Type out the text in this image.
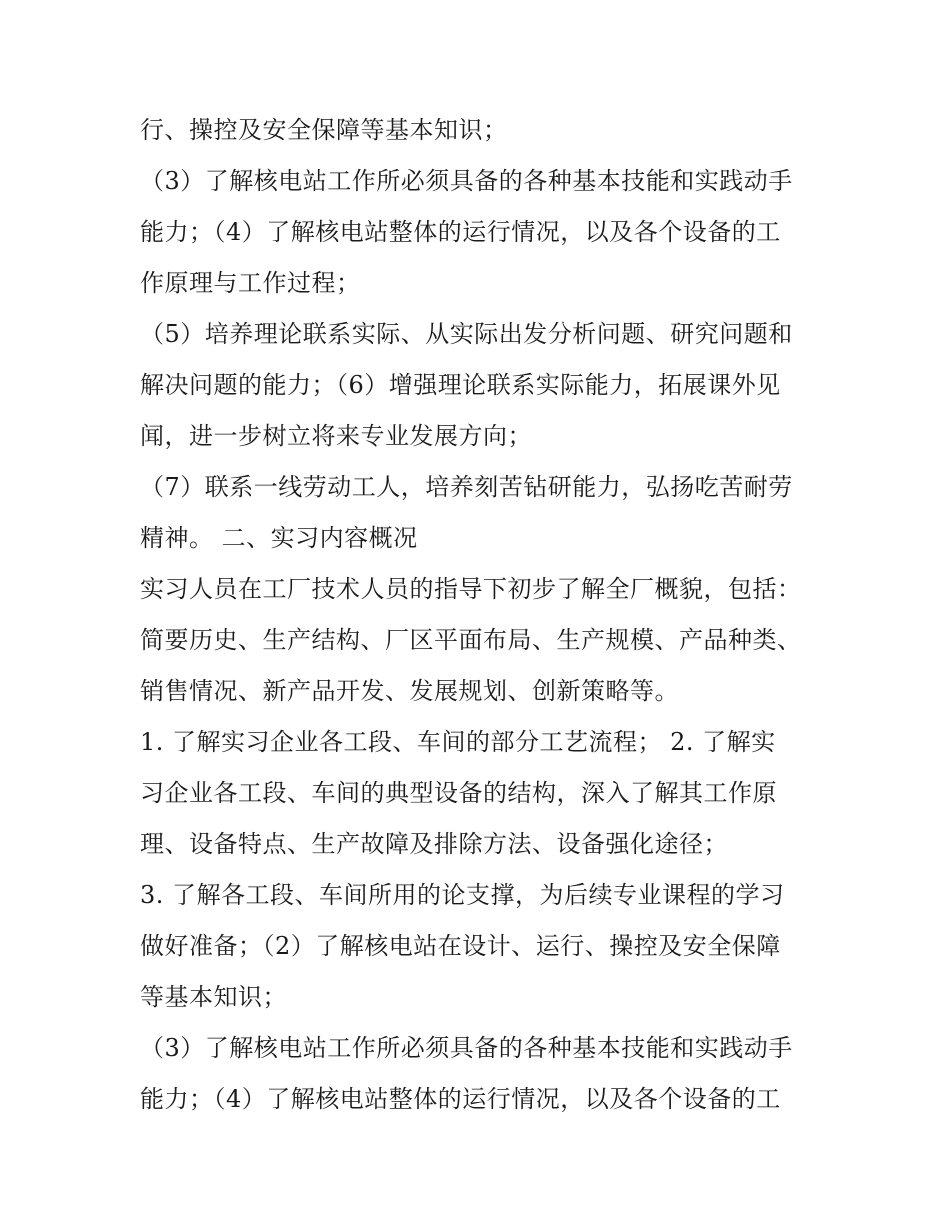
行、操控及安全保障等基本知识；
（3）了解核电站工作所必须具备的各种基本技能和实践动手
能力；（4）了解核电站整体的运行情况，以及各个设备的工
作原理与工作过程；
（5）培养理论联系实际、从实际出发分析问题、研究问题和
解决问题的能力；（6）增强理论联系实际能力，拓展课外见
闻，进一步树立将来专业发展方向；
（7）联系一线劳动工人，培养刻苦钻研能力，弘扬吃苦耐劳
精神。 二、实习内容概况
实习人员在工厂技术人员的指导下初步了解全厂概貌，包括：
简要历史、生产结构、厂区平面布局、生产规模、产品种类、
销售情况、新产品开发、发展规划、创新策略等。
1. 了解实习企业各工段、车间的部分工艺流程； 2. 了解实
习企业各工段、车间的典型设备的结构，深入了解其工作原
理、设备特点、生产故障及排除方法、设备强化途径；
3. 了解各工段、车间所用的论支撑，为后续专业课程的学习
做好准备；（2）了解核电站在设计、运行、操控及安全保障
等基本知识；
（3）了解核电站工作所必须具备的各种基本技能和实践动手
能力；（4）了解核电站整体的运行情况，以及各个设备的工
